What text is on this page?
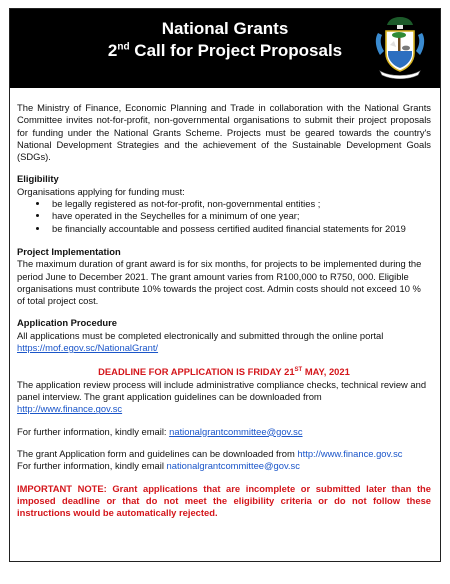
National Grants
2nd Call for Project Proposals

The Ministry of Finance, Economic Planning and Trade in collaboration with the National Grants Committee invites not-for-profit, non-governmental organisations to submit their project proposals for funding under the National Grants Scheme. Projects must be geared towards the country's National Development Strategies and the achievement of the Sustainable Development Goals (SDGs).

Eligibility
Organisations applying for funding must:
• be legally registered as not-for-profit, non-governmental entities ;
• have operated in the Seychelles for a minimum of one year;
• be financially accountable and possess certified audited financial statements for 2019
Project Implementation

The maximum duration of grant award is for six months, for projects to be implemented during the period June to December 2021. The grant amount varies from R100,000 to R750, 000. Eligible organisations must contribute 10% towards the project cost. Admin costs should not exceed 10 % of total project cost.

Application Procedure
All applications must be completed electronically and submitted through the online portal
https://mof.egov.sc/NationalGrant/
DEADLINE FOR APPLICATION IS FRIDAY 21ST MAY, 2021
The application review process will include administrative compliance checks, technical review and panel interview. The grant application guidelines can be downloaded from
http://www.finance.gov.sc
For further information, kindly email: nationalgrantcommittee@gov.sc
The grant Application form and guidelines can be downloaded from http://www.finance.gov.sc
For further information, kindly email nationalgrantcommittee@gov.sc
IMPORTANT NOTE: Grant applications that are incomplete or submitted later than the imposed deadline or that do not meet the eligibility criteria or do not follow these instructions would be automatically rejected.
